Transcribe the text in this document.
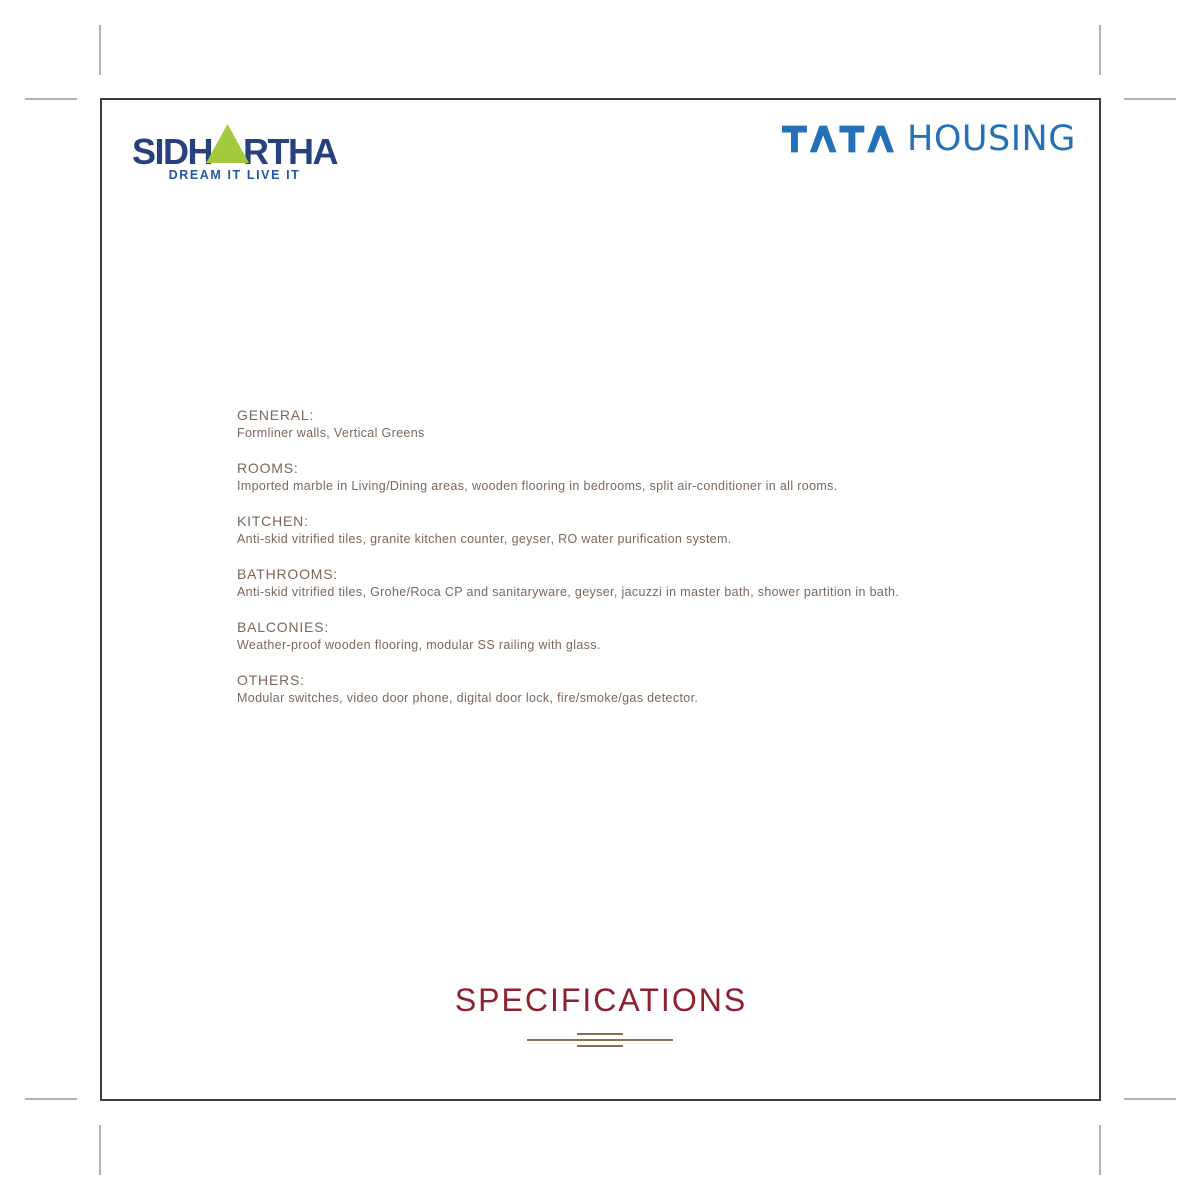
SIDH RTHA
DREAM IT LIVE IT
HOUSING
GENERAL:
Formliner walls, Vertical Greens
ROOMS:
Imported marble in Living/Dining areas, wooden flooring in bedrooms, split air-conditioner in all rooms.
KITCHEN:
Anti-skid vitrified tiles, granite kitchen counter, geyser, RO water purification system.
BATHROOMS:
Anti-skid vitrified tiles, Grohe/Roca CP and sanitaryware, geyser, jacuzzi in master bath, shower partition in bath.
BALCONIES:
Weather-proof wooden flooring, modular SS railing with glass.
OTHERS:
Modular switches, video door phone, digital door lock, fire/smoke/gas detector.
SPECIFICATIONS
